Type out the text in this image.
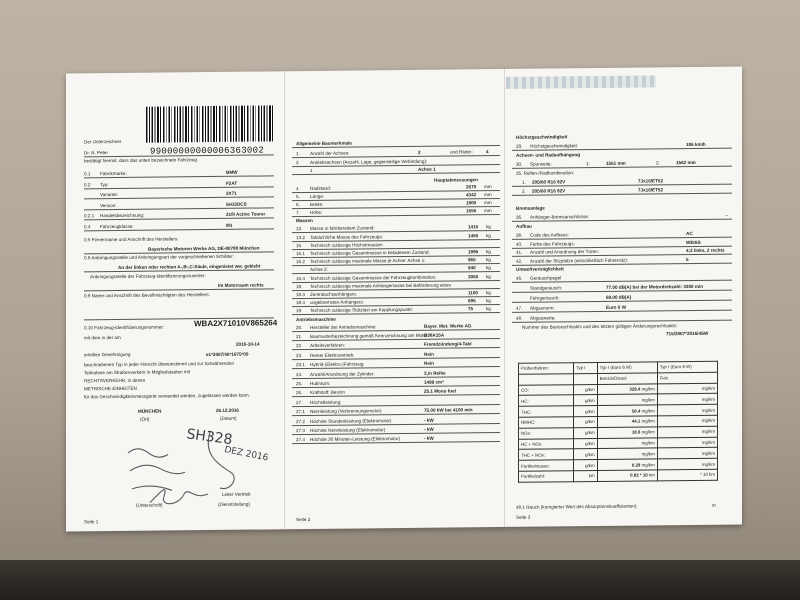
99000000000006363002
Der Unterzeichner
Dr. N. Peter
bestätigt hiermit, dass das unten bezeichnete Fahrzeug
0.5 Firmenname und Anschrift des Herstellers:
Bayerische Motoren Werke AG, DE-80788 München
0.6 Anbringungsstelle und Anbringungsart der vorgeschriebenen Schilder:
An der linken oder rechten A-,B-,C-Säule, eingenietet ww. geklebt
Anbringungsstelle der Fahrzeug-Identifizierungsnummer:
Im Motorraum rechts
0.9 Name und Anschrift des Bevollmächtigten des Herstellers:
0.10 Fahrzeug-Identifizierungsnummer:	WBA2X71010V865264
mit dem in der am
2016-10-14
erteilten Genehmigung	e1*2007/46*1675*00
MÜNCHEN
(Ort)
26.12.2016
(Datum)
SH328
DEZ 2016
(Unterschrift)
Leiter Vertrieb
(Dienststellung)
Seite 1
Allgemeine Baumerkmale
Seite 2
Prüfverfahren:	Typ I	Typ I (Euro 6 W)	Typ I (Euro 6 W)
		Benzin/Diesel	Gas
CO:	g/km	329.4 mg/km	mg/km
HC:	g/km	mg/km	mg/km
THC:	g/km	58.4 mg/km	mg/km
NMHC:	g/km	44.1 mg/km	mg/km
NOx:	g/km	18.6 mg/km	mg/km
HC + NOx:	g/km	mg/km	mg/km
THC + NOx:	g/km	mg/km	mg/km
Partikelmasse:	g/km	0.29 mg/km	mg/km
Partikelzahl:	km	0.82 * 10 km	* 10 km
48.1 Rauch (korrigierter Wert des Absorptionskoeffizienten):	m
Seite 3
0.1 Fabrikmarke:	BMW
0.2 Typ:	F2AT
Variante:	2X71
Version:	5H15DCS
0.2.1 Handelsbezeichnung:	218i Active Tourer
0.4 Fahrzeugklasse:	M1
beschriebenen Typ in jeder Hinsicht übereinstimmt und zur fortwährenden
Teilnahme am Straßenverkehr in Mitgliedstaaten mit
RECHTSVERKEHR, in denen
METRISCHE EINHEITEN
für das Geschwindigkeitsmessgerät verwendet werden, zugelassen werden kann.
1. Anzahl der Achsen:	2	und Räder:	4
2. Antriebsachsen (Anzahl, Lage, gegenseitige Verbindung):
1	Achse 1
Hauptabmessungen
4. Radstand:	2670 mm
5. Länge:	4342 mm
6. Breite:	1800 mm
7. Höhe:	1555 mm
Massen
13. Masse in fahrbereitem Zustand:	1415 kg
13.2 Tatsächliche Masse des Fahrzeugs:	1455 kg
16. Technisch zulässige Höchstmassen
16.1 Technisch zulässige Gesamtmasse in beladenem Zustand:	1895 kg
16.2 Technisch zulässige maximale Masse je Achse: Achse 1:	965 kg
Achse 2:	940 kg
16.4 Technisch zulässige Gesamtmasse der Fahrzeugkombination:	3060 kg
18. Technisch zulässige maximale Anhängemasse bei Beförderung eines
18.3 Zentralachsanhängers:	1100 kg
18.4 ungebremsten Anhängers:	695 kg
19. Technisch zulässige Stützlast am Kupplungspunkt:	75	kg
Antriebsmaschine
20. Hersteller der Antriebsmaschine:	Bayer. Mot. Werke AG
21. Baumusterbezeichnung gemäß Kennzeichnung am Motor:
B38A15A
22. Arbeitsverfahren:	Fremdzündung/4-Takt
23. Reiner Elektroantrieb:	Nein
23.1 Hybrid-(Elektro-)Fahrzeug:	Nein
24. Anzahl/Anordnung der Zylinder:	3,in Reihe
25. Hubraum:	1499 cm³
26. Kraftstoff: Benzin	25.1 Mono fuel
27. Höchstleistung:
27.1 Nennleistung (Verbrennungsmotor)	75.00 kW bei 4100 min
27.2 Höchste Stundenleistung (Elektromotor)	- kW
27.3 Höchste Nennleistung (Elektromotor)	- kW
27.4 Höchste 30 Minuten-Leistung (Elektromotor)	- kW
Höchstgeschwindigkeit
29. Höchstgeschwindigkeit:	186 km/h
Achsen- und Radaufhängung
30. Spurweite:	1:	1561 mm	2:	1562 mm
35. Reifen-/Radkombination:
1. 205/60 R16 92V	7Jx16/ET52
2. 205/60 R16 92V	7Jx16/ET52
Bremsanlage
36. Anhänger-Bremsanschlüsse:	-
Aufbau
38. Code des Aufbaus:	AC
40. Farbe des Fahrzeugs:	WEISS
41. Anzahl und Anordnung der Türen:	4;2 links, 2 rechts
42. Anzahl der Sitzplätze (einschließlich Fahrersitz):	5
Umweltverträglichkeit
46. Geräuschpegel
Standgeräusch:	77.00 dB(A) bei der Motordrehzahl: 3300 min
Fahrgeräusch:	69.00 dB(A)
47. Abgasnorm:	Euro 6 W
48. Abgaswerte:
Nummer des Basisrechtsakts und des letzten gültigen Änderungsrechtsakts:
715/2007*2016/4SW
